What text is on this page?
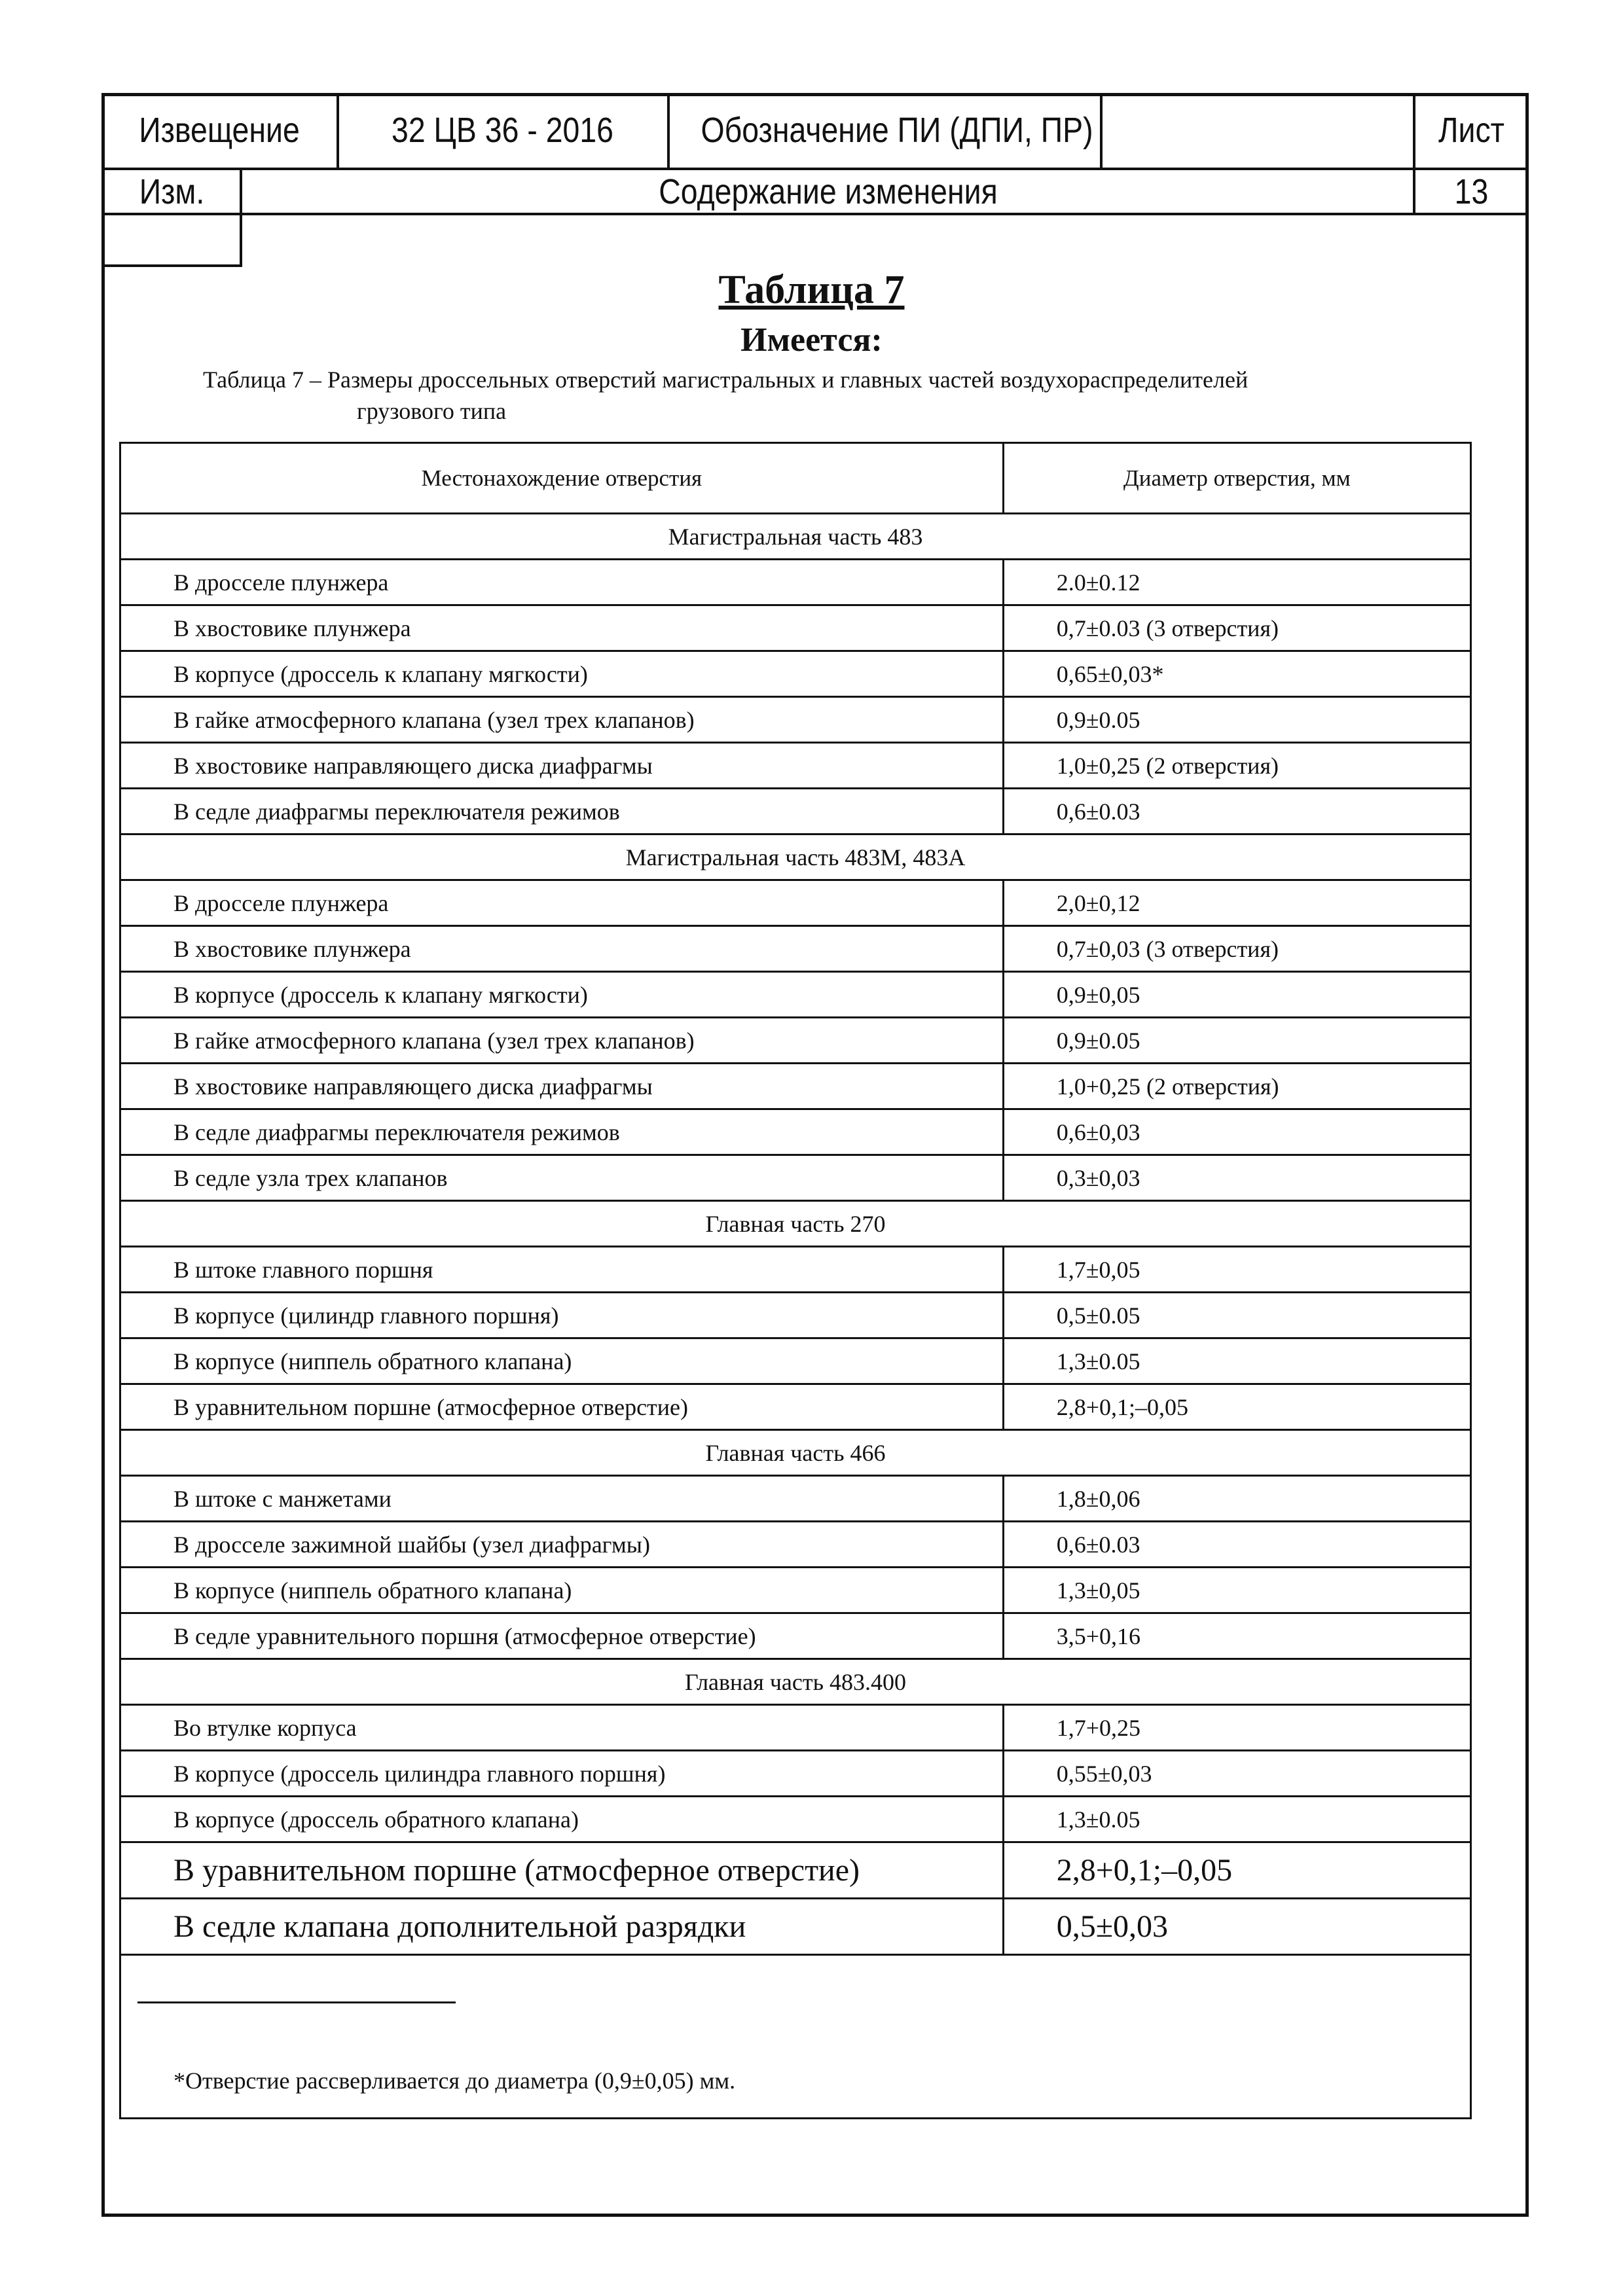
Извещение	32 ЦВ 36 - 2016	Обозначение ПИ (ДПИ, ПР)	Лист
Изм.	Содержание изменения	13
Таблица 7
Имеется:
Таблица 7 – Размеры дроссельных отверстий магистральных и главных частей воздухораспределителей
грузового типа
Местонахождение отверстия	Диаметр отверстия, мм
Магистральная часть 483	
В дросселе плунжера	2.0±0.12
В хвостовике плунжера	0,7±0.03 (3 отверстия)
В корпусе (дроссель к клапану мягкости)	0,65±0,03*
В гайке атмосферного клапана (узел трех клапанов)	0,9±0.05
В хвостовике направляющего диска диафрагмы	1,0±0,25 (2 отверстия)
В седле диафрагмы переключателя режимов	0,6±0.03
Магистральная часть 483М, 483А	
В дросселе плунжера	2,0±0,12
В хвостовике плунжера	0,7±0,03 (3 отверстия)
В корпусе (дроссель к клапану мягкости)	0,9±0,05
В гайке атмосферного клапана (узел трех клапанов)	0,9±0.05
В хвостовике направляющего диска диафрагмы	1,0+0,25 (2 отверстия)
В седле диафрагмы переключателя режимов	0,6±0,03
В седле узла трех клапанов	0,3±0,03
Главная часть 270	
В штоке главного поршня	1,7±0,05
В корпусе (цилиндр главного поршня)	0,5±0.05
В корпусе (ниппель обратного клапана)	1,3±0.05
В уравнительном поршне (атмосферное отверстие)	2,8+0,1;–0,05
Главная часть 466	
В штоке с манжетами	1,8±0,06
В дросселе зажимной шайбы (узел диафрагмы)	0,6±0.03
В корпусе (ниппель обратного клапана)	1,3±0,05
В седле уравнительного поршня (атмосферное отверстие)	3,5+0,16
Главная часть 483.400	
Во втулке корпуса	1,7+0,25
В корпусе (дроссель цилиндра главного поршня)	0,55±0,03
В корпусе (дроссель обратного клапана)	1,3±0.05
В уравнительном поршне (атмосферное отверстие)	2,8+0,1;–0,05
В седле клапана дополнительной разрядки	0,5±0,03

*Отверстие рассверливается до диаметра (0,9±0,05) мм.	
